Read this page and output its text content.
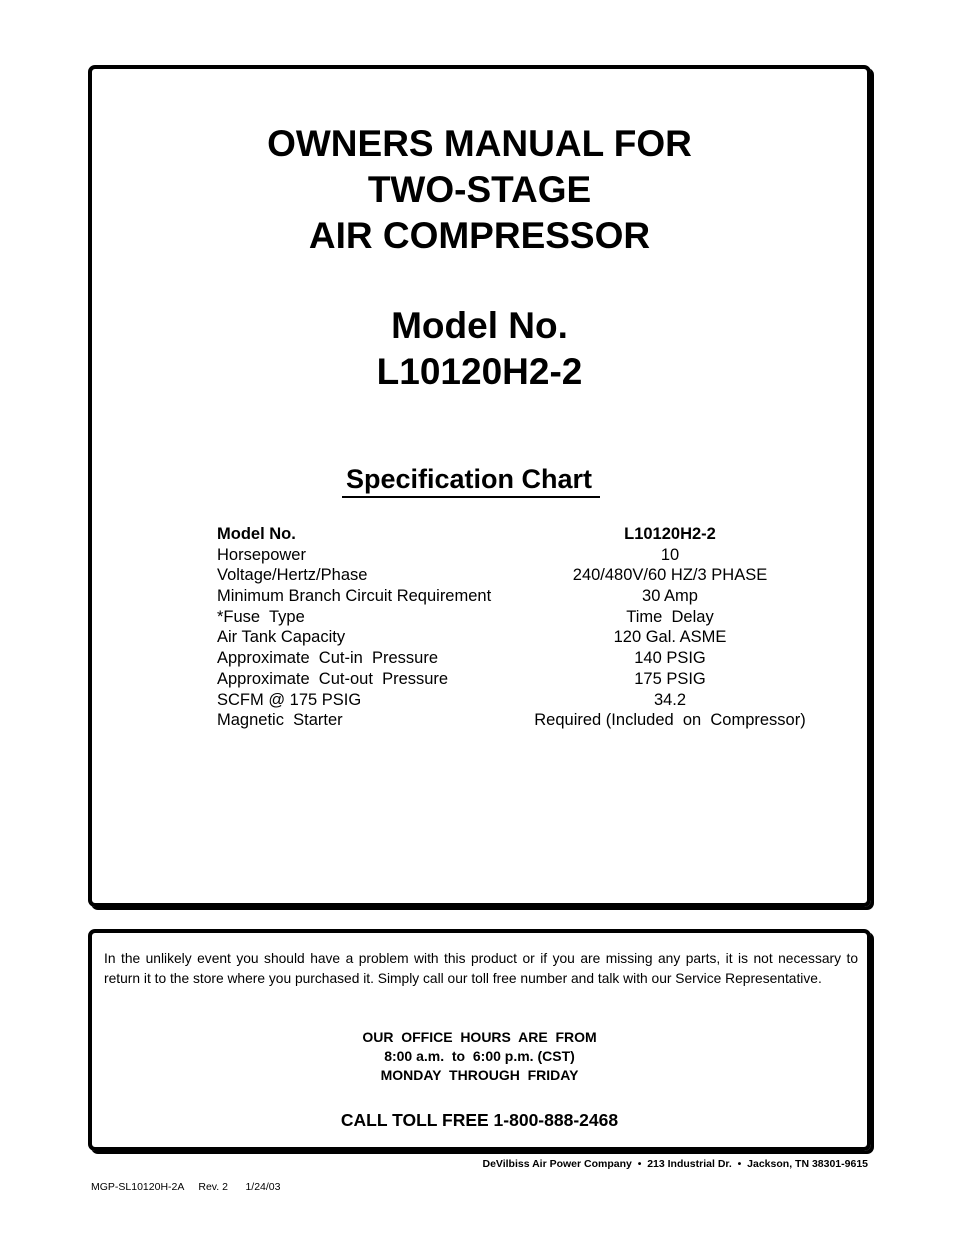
OWNERS MANUAL FOR
TWO-STAGE
AIR COMPRESSOR
Model No.
L10120H2-2
Specification Chart
Model No.	L10120H2-2
Horsepower	10
Voltage/Hertz/Phase	240/480V/60 HZ/3 PHASE
Minimum Branch Circuit Requirement	30 Amp
*Fuse  Type	Time  Delay
Air Tank Capacity	120 Gal. ASME
Approximate  Cut-in  Pressure	140 PSIG
Approximate  Cut-out  Pressure	175 PSIG
SCFM @ 175 PSIG	34.2
Magnetic  Starter	Required (Included  on  Compressor)
In the unlikely event you should have a problem with this product or if you are missing any parts, it is not necessary to return it to the store where you purchased it. Simply call our toll free number and talk with our Service Representative.
OUR  OFFICE  HOURS  ARE  FROM
8:00 a.m.  to  6:00 p.m. (CST)
MONDAY  THROUGH  FRIDAY
CALL TOLL FREE 1-800-888-2468
DeVilbiss Air Power Company  •  213 Industrial Dr.  •  Jackson, TN 38301-9615
MGP-SL10120H-2A     Rev. 2      1/24/03
